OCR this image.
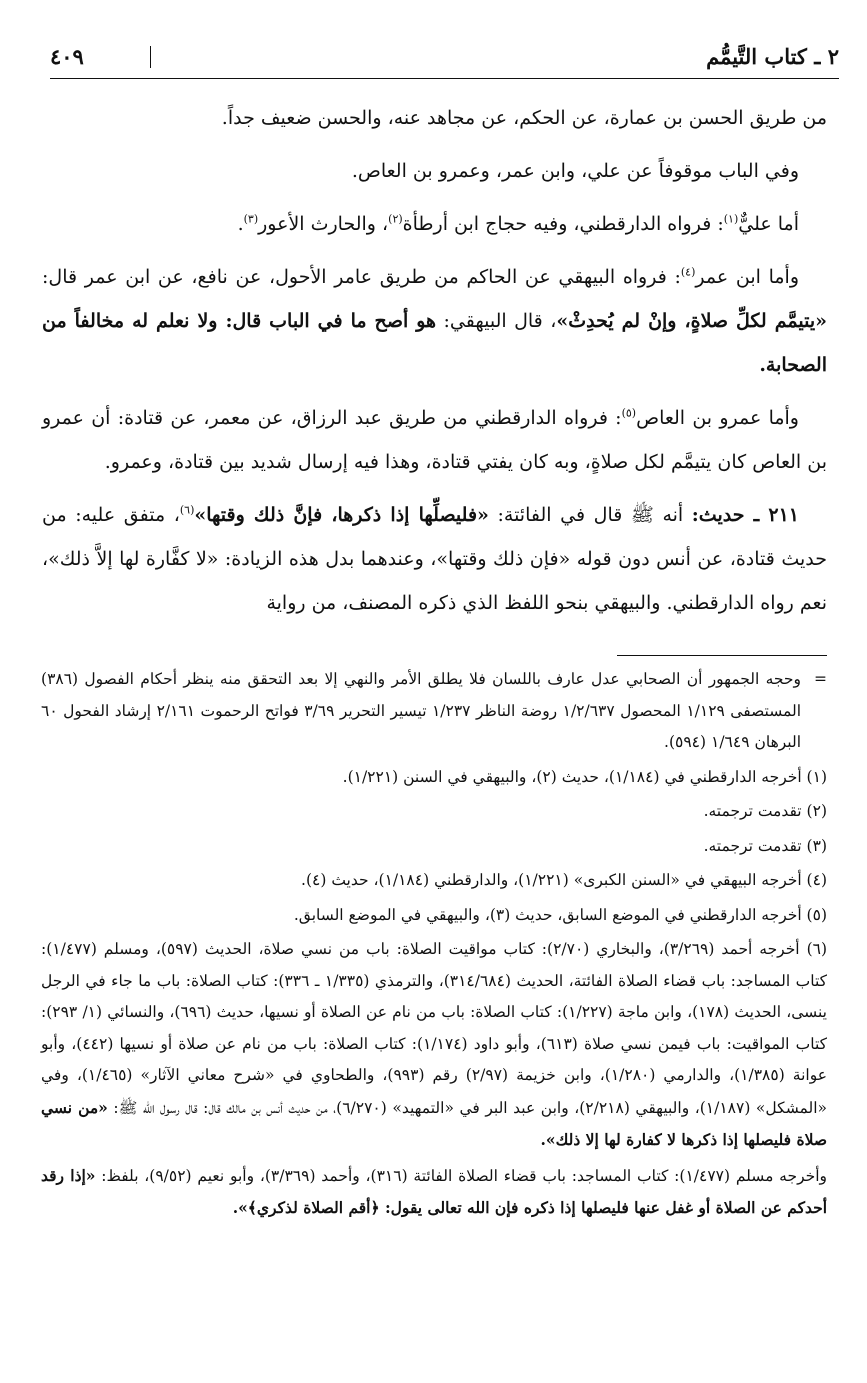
٢ ـ كتاب التَّيمُّم
٤٠٩

من طريق الحسن بن عمارة، عن الحكم، عن مجاهد عنه، والحسن ضعيف جداً.

وفي الباب موقوفاً عن علي، وابن عمر، وعمرو بن العاص.

أما عليٌّ$^{(١)}$: فرواه الدارقطني، وفيه حجاج ابن أرطأة$^{(٢)}$، والحارث الأعور$^{(٣)}$.

وأما ابن عمر$^{(٤)}$: فرواه البيهقي عن الحاكم من طريق عامر الأحول، عن نافع، عن ابن عمر قال: «يتيمَّم لكلِّ صلاةٍ، وإنْ لم يُحدِثْ»، قال البيهقي: هو أصح ما في الباب قال: ولا نعلم له مخالفاً من الصحابة.

وأما عمرو بن العاص$^{(٥)}$: فرواه الدارقطني من طريق عبد الرزاق، عن معمر، عن قتادة: أن عمرو بن العاص كان يتيمَّم لكل صلاةٍ، وبه كان يفتي قتادة، وهذا فيه إرسال شديد بين قتادة، وعمرو.

٢١١ ـ حديث: أنه ﷺ قال في الفائتة: «فليصلِّها إذا ذكرها، فإنَّ ذلك وقتها»$^{(٦)}$، متفق عليه: من حديث قتادة، عن أنس دون قوله «فإن ذلك وقتها»، وعندهما بدل هذه الزيادة: «لا كفَّارة لها إلاَّ ذلك»، نعم رواه الدارقطني. والبيهقي بنحو اللفظ الذي ذكره المصنف، من رواية

=
وحجه الجمهور أن الصحابي عدل عارف باللسان فلا يطلق الأمر والنهي إلا بعد التحقق منه ينظر أحكام الفصول (٣٨٦) المستصفى ١/١٢٩ المحصول ١/٢/٦٣٧ روضة الناظر ١/٢٣٧ تيسير التحرير ٣/٦٩ فواتح الرحموت ٢/١٦١ إرشاد الفحول ٦٠ البرهان ١/٦٤٩ (٥٩٤).

(١) أخرجه الدارقطني في (١/١٨٤)، حديث (٢)، والبيهقي في السنن (١/٢٢١).

(٢) تقدمت ترجمته.

(٣) تقدمت ترجمته.

(٤) أخرجه البيهقي في «السنن الكبرى» (١/٢٢١)، والدارقطني (١/١٨٤)، حديث (٤).

(٥) أخرجه الدارقطني في الموضع السابق، حديث (٣)، والبيهقي في الموضع السابق.

(٦) أخرجه أحمد (٣/٢٦٩)، والبخاري (٢/٧٠): كتاب مواقيت الصلاة: باب من نسي صلاة، الحديث (٥٩٧)، ومسلم (١/٤٧٧): كتاب المساجد: باب قضاء الصلاة الفائتة، الحديث (٣١٤/٦٨٤)، والترمذي (١/٣٣٥ ـ ٣٣٦): كتاب الصلاة: باب ما جاء في الرجل ينسى، الحديث (١٧٨)، وابن ماجة (١/٢٢٧): كتاب الصلاة: باب من نام عن الصلاة أو نسيها، حديث (٦٩٦)، والنسائي (١/ ٢٩٣): كتاب المواقيت: باب فيمن نسي صلاة (٦١٣)، وأبو داود (١/١٧٤): كتاب الصلاة: باب من نام عن صلاة أو نسيها (٤٤٢)، وأبو عوانة (١/٣٨٥)، والدارمي (١/٢٨٠)، وابن خزيمة (٢/٩٧) رقم (٩٩٣)، والطحاوي في «شرح معاني الآثار» (١/٤٦٥)، وفي «المشكل» (١/١٨٧)، والبيهقي (٢/٢١٨)، وابن عبد البر في «التمهيد» (٦/٢٧٠)، من حديث أنس بن مالك قال: قال رسول الله ﷺ: «من نسي صلاة فليصلها إذا ذكرها لا كفارة لها إلا ذلك».

وأخرجه مسلم (١/٤٧٧): كتاب المساجد: باب قضاء الصلاة الفائتة (٣١٦)، وأحمد (٣/٣٦٩)، وأبو نعيم (٩/٥٢)، بلفظ: «إذا رقد أحدكم عن الصلاة أو غفل عنها فليصلها إذا ذكره فإن الله تعالى يقول: ﴿أقم الصلاة لذكري﴾».
